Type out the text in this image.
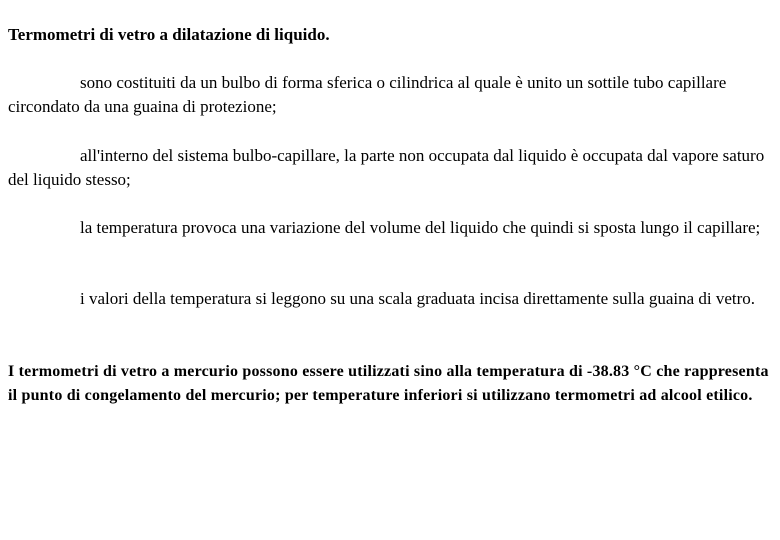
Termometri di vetro a dilatazione di liquido.

sono costituiti da un bulbo di forma sferica o cilindrica al quale è unito un sottile tubo capillare circondato da una guaina di protezione;

all'interno del sistema bulbo-capillare, la parte non occupata dal liquido è occupata dal vapore saturo del liquido stesso;

la temperatura provoca una variazione del volume del liquido che quindi si sposta lungo il capillare;

i valori della temperatura si leggono su una scala graduata incisa direttamente sulla guaina di vetro.

I termometri di vetro a mercurio possono essere utilizzati sino alla temperatura di -38.83 °C che rappresenta il punto di congelamento del mercurio; per temperature inferiori si utilizzano termometri ad alcool etilico.
